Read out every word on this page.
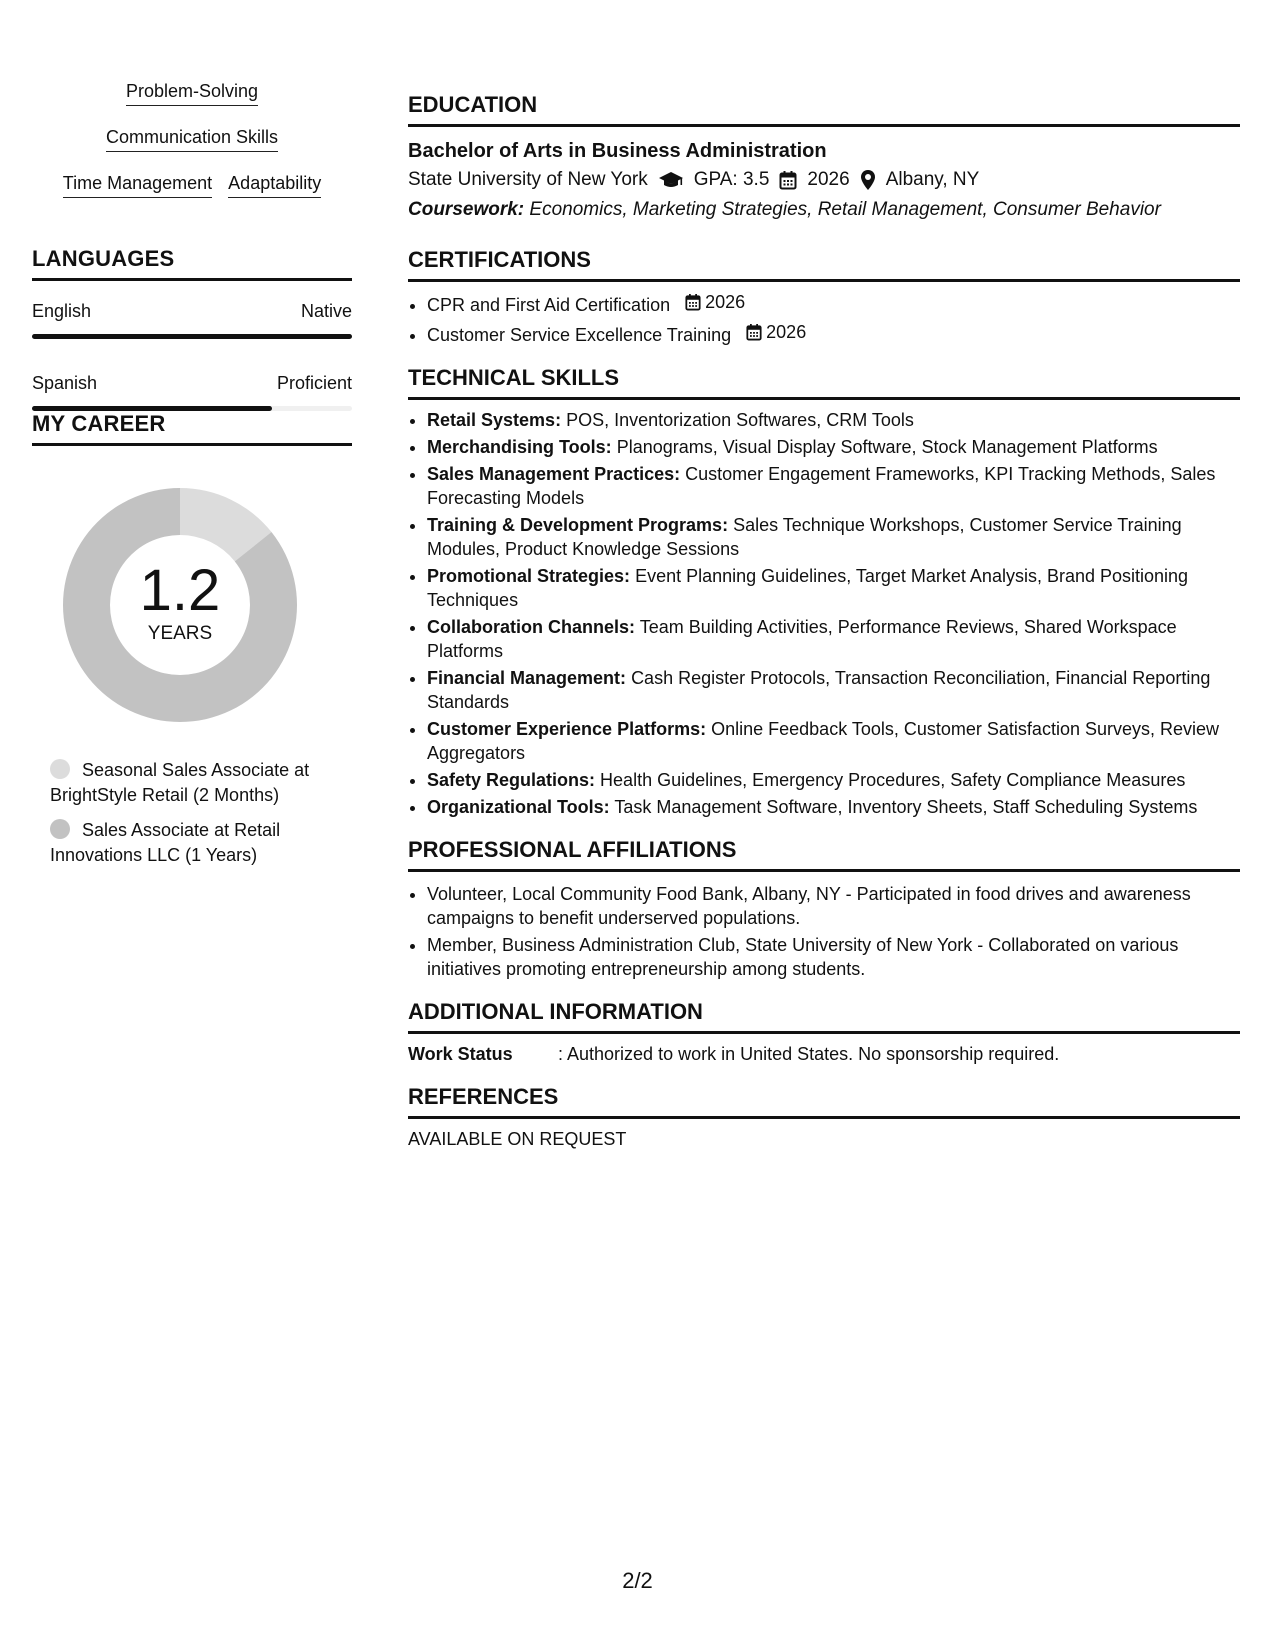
Problem-Solving
Communication Skills
Time Management Adaptability
LANGUAGES
English	Native
Spanish	Proficient
MY CAREER
1.2
YEARS
Seasonal Sales Associate at BrightStyle Retail (2 Months)
Sales Associate at Retail Innovations LLC (1 Years)
EDUCATION
Bachelor of Arts in Business Administration
State University of New York GPA: 3.5 2026 Albany, NY
Coursework: Economics, Marketing Strategies, Retail Management, Consumer Behavior
CERTIFICATIONS
• CPR and First Aid Certification 2026
• Customer Service Excellence Training 2026
TECHNICAL SKILLS
• Retail Systems: POS, Inventorization Softwares, CRM Tools
• Merchandising Tools: Planograms, Visual Display Software, Stock Management Platforms
• Sales Management Practices: Customer Engagement Frameworks, KPI Tracking Methods, Sales Forecasting Models
• Training & Development Programs: Sales Technique Workshops, Customer Service Training Modules, Product Knowledge Sessions
• Promotional Strategies: Event Planning Guidelines, Target Market Analysis, Brand Positioning Techniques
• Collaboration Channels: Team Building Activities, Performance Reviews, Shared Workspace Platforms
• Financial Management: Cash Register Protocols, Transaction Reconciliation, Financial Reporting Standards
• Customer Experience Platforms: Online Feedback Tools, Customer Satisfaction Surveys, Review Aggregators
• Safety Regulations: Health Guidelines, Emergency Procedures, Safety Compliance Measures
• Organizational Tools: Task Management Software, Inventory Sheets, Staff Scheduling Systems
PROFESSIONAL AFFILIATIONS
• Volunteer, Local Community Food Bank, Albany, NY - Participated in food drives and awareness campaigns to benefit underserved populations.
• Member, Business Administration Club, State University of New York - Collaborated on various initiatives promoting entrepreneurship among students.
ADDITIONAL INFORMATION
Work Status	: Authorized to work in United States. No sponsorship required.
REFERENCES
AVAILABLE ON REQUEST
2/2
